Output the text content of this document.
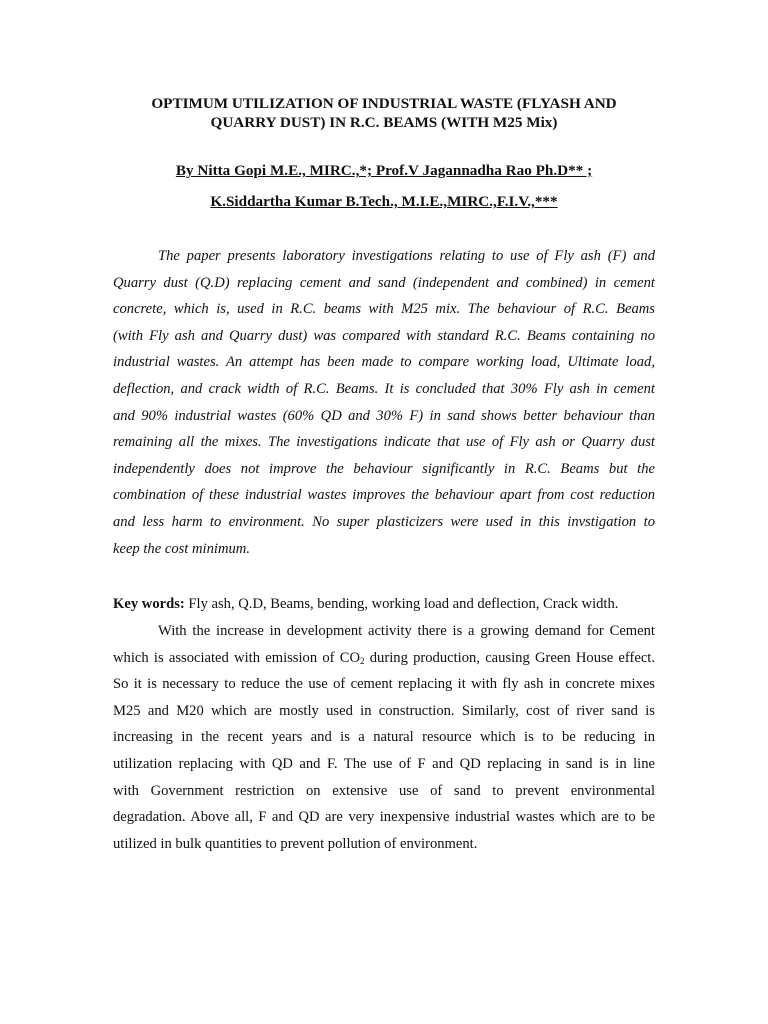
OPTIMUM UTILIZATION OF INDUSTRIAL WASTE (FLYASH AND
QUARRY DUST) IN R.C. BEAMS (WITH M25 Mix)

By Nitta Gopi M.E., MIRC.,*; Prof.V Jagannadha Rao Ph.D** ;

K.Siddartha Kumar B.Tech., M.I.E.,MIRC.,F.I.V.,***

The paper presents laboratory investigations relating to use of Fly ash (F) and
Quarry dust (Q.D) replacing cement and sand (independent and combined) in cement
concrete, which is, used in R.C. beams with M25 mix. The behaviour of R.C. Beams
(with Fly ash and Quarry dust) was compared with standard R.C. Beams containing no
industrial wastes. An attempt has been made to compare working load, Ultimate load,
deflection, and crack width of R.C. Beams. It is concluded that 30% Fly ash in cement
and 90% industrial wastes (60% QD and 30% F) in sand shows better behaviour than
remaining all the mixes. The investigations indicate that use of Fly ash or Quarry dust
independently does not improve the behaviour significantly in R.C. Beams but the
combination of these industrial wastes improves the behaviour apart from cost reduction
and less harm to environment. No super plasticizers were used in this invstigation to
keep the cost minimum.

Key words: Fly ash, Q.D, Beams, bending, working load and deflection, Crack width.

With the increase in development activity there is a growing demand for Cement
which is associated with emission of $CO_2$ during production, causing Green House effect.
So it is necessary to reduce the use of cement replacing it with fly ash in concrete mixes
M25 and M20 which are mostly used in construction. Similarly, cost of river sand is
increasing in the recent years and is a natural resource which is to be reducing in
utilization replacing with QD and F. The use of F and QD replacing in sand is in line
with Government restriction on extensive use of sand to prevent environmental
degradation. Above all, F and QD are very inexpensive industrial wastes which are to be
utilized in bulk quantities to prevent pollution of environment.
